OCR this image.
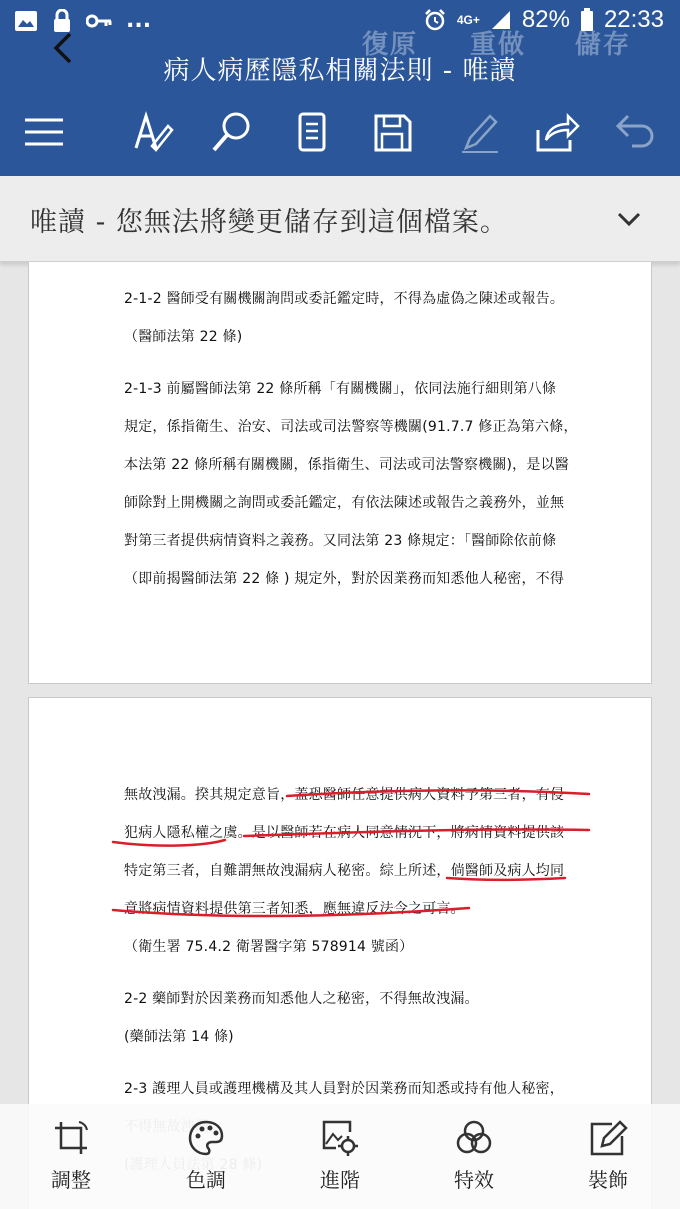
...	4G+ 82% 22:33
復原 重做 儲存
病人病歷隱私相關法則 - 唯讀
唯讀 - 您無法將變更儲存到這個檔案。
2-1-2 醫師受有關機關詢問或委託鑑定時，不得為虛偽之陳述或報告。
（醫師法第 22 條)
2-1-3 前屬醫師法第 22 條所稱「有關機關」，依同法施行細則第八條
規定，係指衛生、治安、司法或司法警察等機關(91.7.7 修正為第六條，
本法第 22 條所稱有關機關，係指衛生、司法或司法警察機關)，是以醫
師除對上開機關之詢問或委託鑑定，有依法陳述或報告之義務外，並無
對第三者提供病情資料之義務。又同法第 23 條規定：「醫師除依前條
（即前揭醫師法第 22 條 ) 規定外，對於因業務而知悉他人秘密，不得
無故洩漏。揆其規定意旨，蓋恐醫師任意提供病人資料予第三者，有侵
犯病人隱私權之虞。是以醫師若在病人同意情況下，將病情資料提供該
特定第三者，自難謂無故洩漏病人秘密。綜上所述，倘醫師及病人均同
意將病情資料提供第三者知悉，應無違反法令之可言。
（衛生署 75.4.2 衛署醫字第 578914 號函）
2-2 藥師對於因業務而知悉他人之秘密，不得無故洩漏。
(藥師法第 14 條)
2-3 護理人員或護理機構及其人員對於因業務而知悉或持有他人秘密，
調整	色調	進階	特效	裝飾
